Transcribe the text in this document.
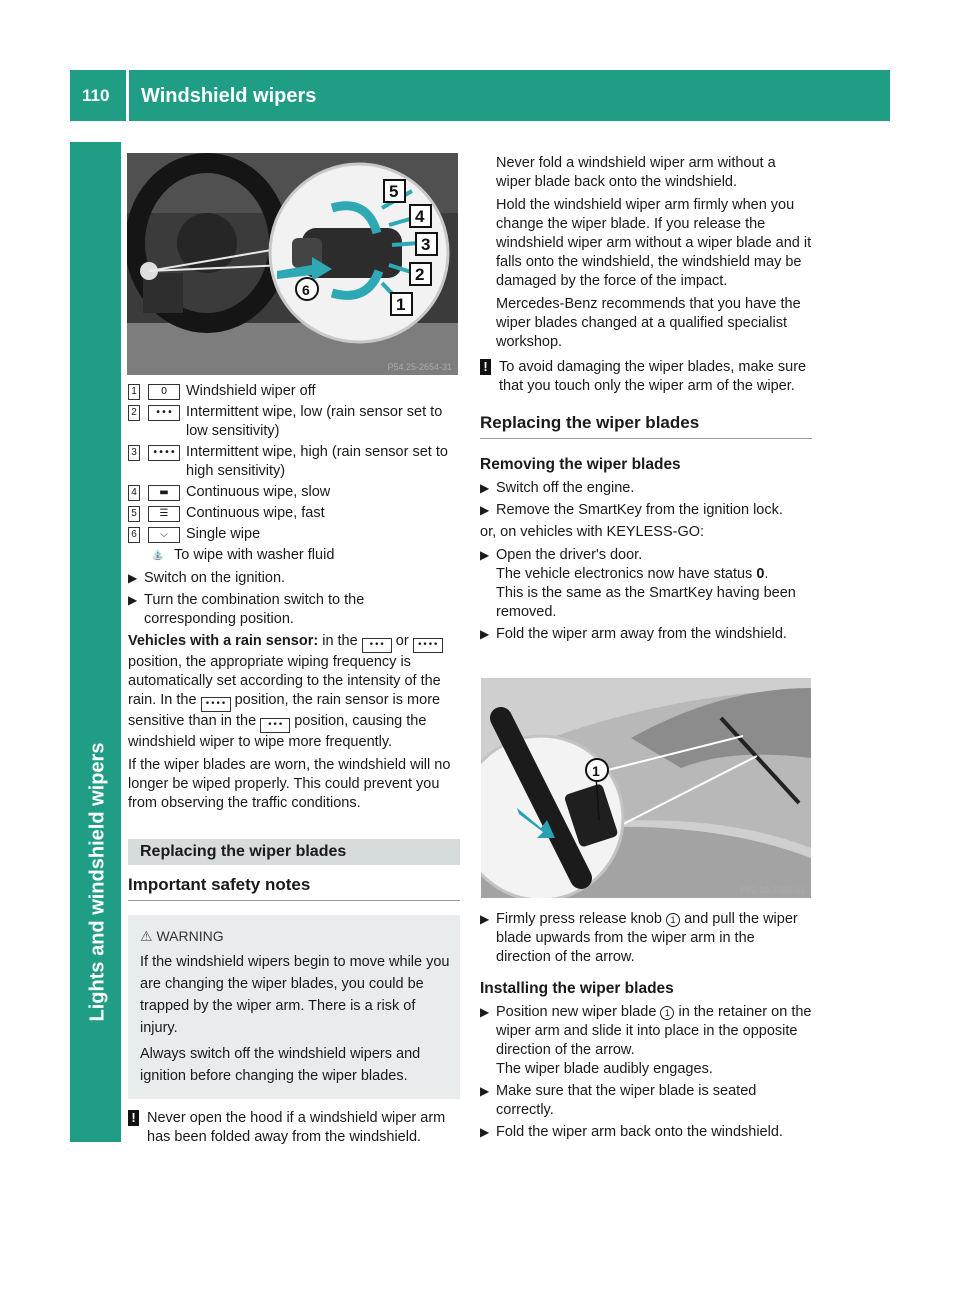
110 Windshield wipers
Lights and windshield wipers
5
4
3
2
1
6
P54.25-2654-31
1	0	Windshield wiper off
2	••• Intermittent wipe, low (rain sensor set to low sensitivity)
3	•••• Intermittent wipe, high (rain sensor set to high sensitivity)
4	▬	Continuous wipe, slow
5	☰	Continuous wipe, fast
6	⌵	Single wipe
⛲ To wipe with washer fluid
▶ Switch on the ignition.
▶ Turn the combination switch to the corresponding position.

Vehicles with a rain sensor: in the ••• or •••• position, the appropriate wiping frequency is automatically set according to the intensity of the rain. In the •••• position, the rain sensor is more sensitive than in the ••• position, causing the windshield wiper to wipe more frequently.

If the wiper blades are worn, the windshield will no longer be wiped properly. This could prevent you from observing the traffic conditions.

Replacing the wiper blades
Important safety notes
⚠ WARNING

If the windshield wipers begin to move while you are changing the wiper blades, you could be trapped by the wiper arm. There is a risk of injury.

Always switch off the windshield wipers and ignition before changing the wiper blades.

! Never open the hood if a windshield wiper arm has been folded away from the windshield.

Never fold a windshield wiper arm without a wiper blade back onto the windshield.

Hold the windshield wiper arm firmly when you change the wiper blade. If you release the windshield wiper arm without a wiper blade and it falls onto the windshield, the windshield may be damaged by the force of the impact.

Mercedes-Benz recommends that you have the wiper blades changed at a qualified specialist workshop.

! To avoid damaging the wiper blades, make sure that you touch only the wiper arm of the wiper.
Replacing the wiper blades
Removing the wiper blades
▶ Switch off the engine.
▶ Remove the SmartKey from the ignition lock.

or, on vehicles with KEYLESS-GO:

▶ Open the driver's door.
The vehicle electronics now have status 0.
This is the same as the SmartKey having been removed.
▶ Fold the wiper arm away from the windshield.
1
P82.10-2169-31
▶ Firmly press release knob 1 and pull the wiper blade upwards from the wiper arm in the direction of the arrow.
Installing the wiper blades
▶ Position new wiper blade 1 in the retainer on the wiper arm and slide it into place in the opposite direction of the arrow.
The wiper blade audibly engages.
▶ Make sure that the wiper blade is seated correctly.
▶ Fold the wiper arm back onto the windshield.
